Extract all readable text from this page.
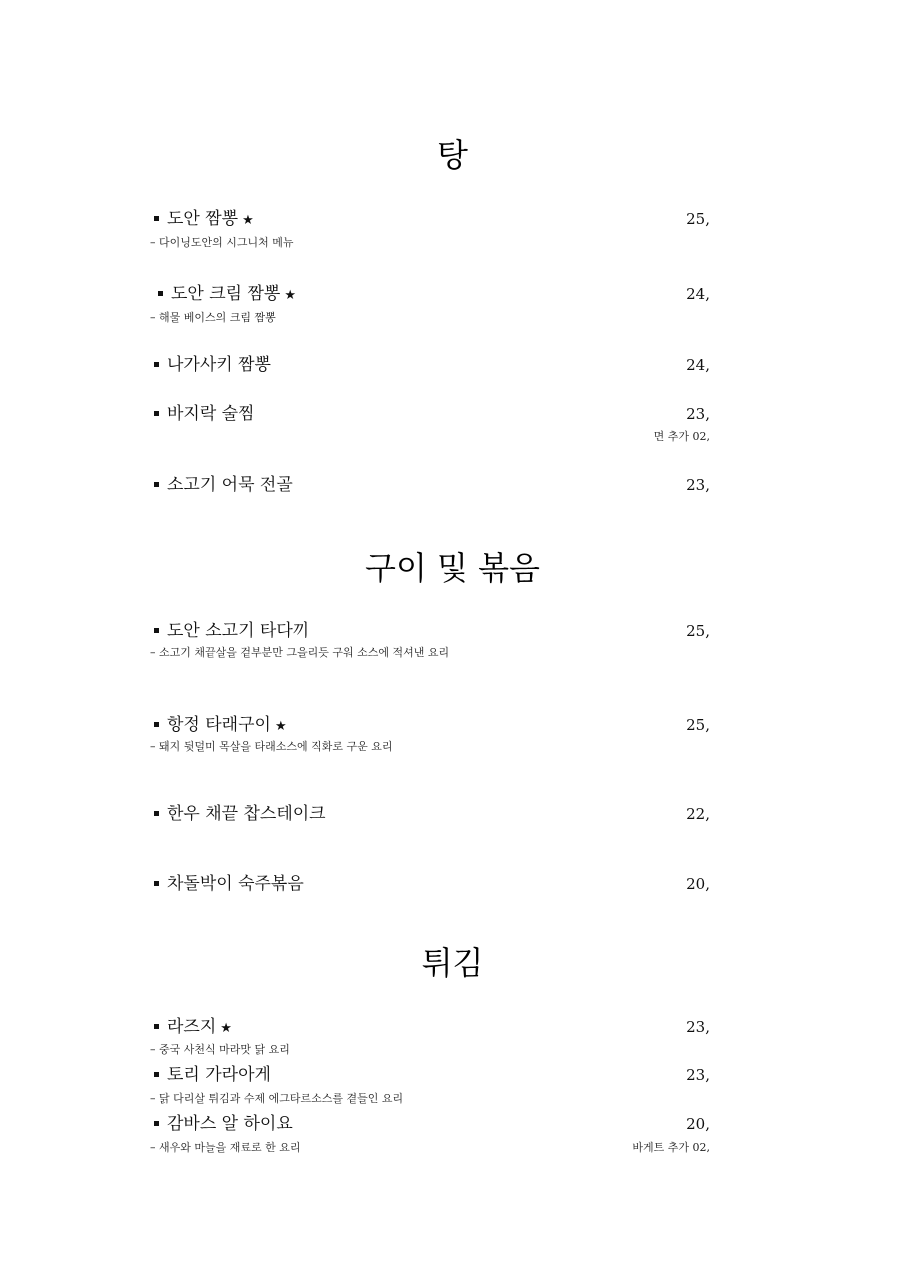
탕
도안 짬뽕 ★	25,
– 다이닝도안의 시그니처 메뉴
도안 크림 짬뽕 ★	24,
– 해물 베이스의 크림 짬뽕
나가사키 짬뽕	24,
바지락 술찜	23,
면 추가 02,
소고기 어묵 전골	23,
구이 및 볶음
도안 소고기 타다끼	25,
– 소고기 채끝살을 겉부분만 그을리듯 구워 소스에 적셔낸 요리
항정 타래구이 ★	25,
– 돼지 뒷덜미 목살을 타래소스에 직화로 구운 요리
한우 채끝 찹스테이크	22,
차돌박이 숙주볶음	20,
튀김
라즈지 ★	23,
– 중국 사천식 마라맛 닭 요리
토리 가라아게	23,
– 닭 다리살 튀김과 수제 에그타르소스를 곁들인 요리
감바스 알 하이요	20,
– 새우와 마늘을 재료로 한 요리	바게트 추가 02,
